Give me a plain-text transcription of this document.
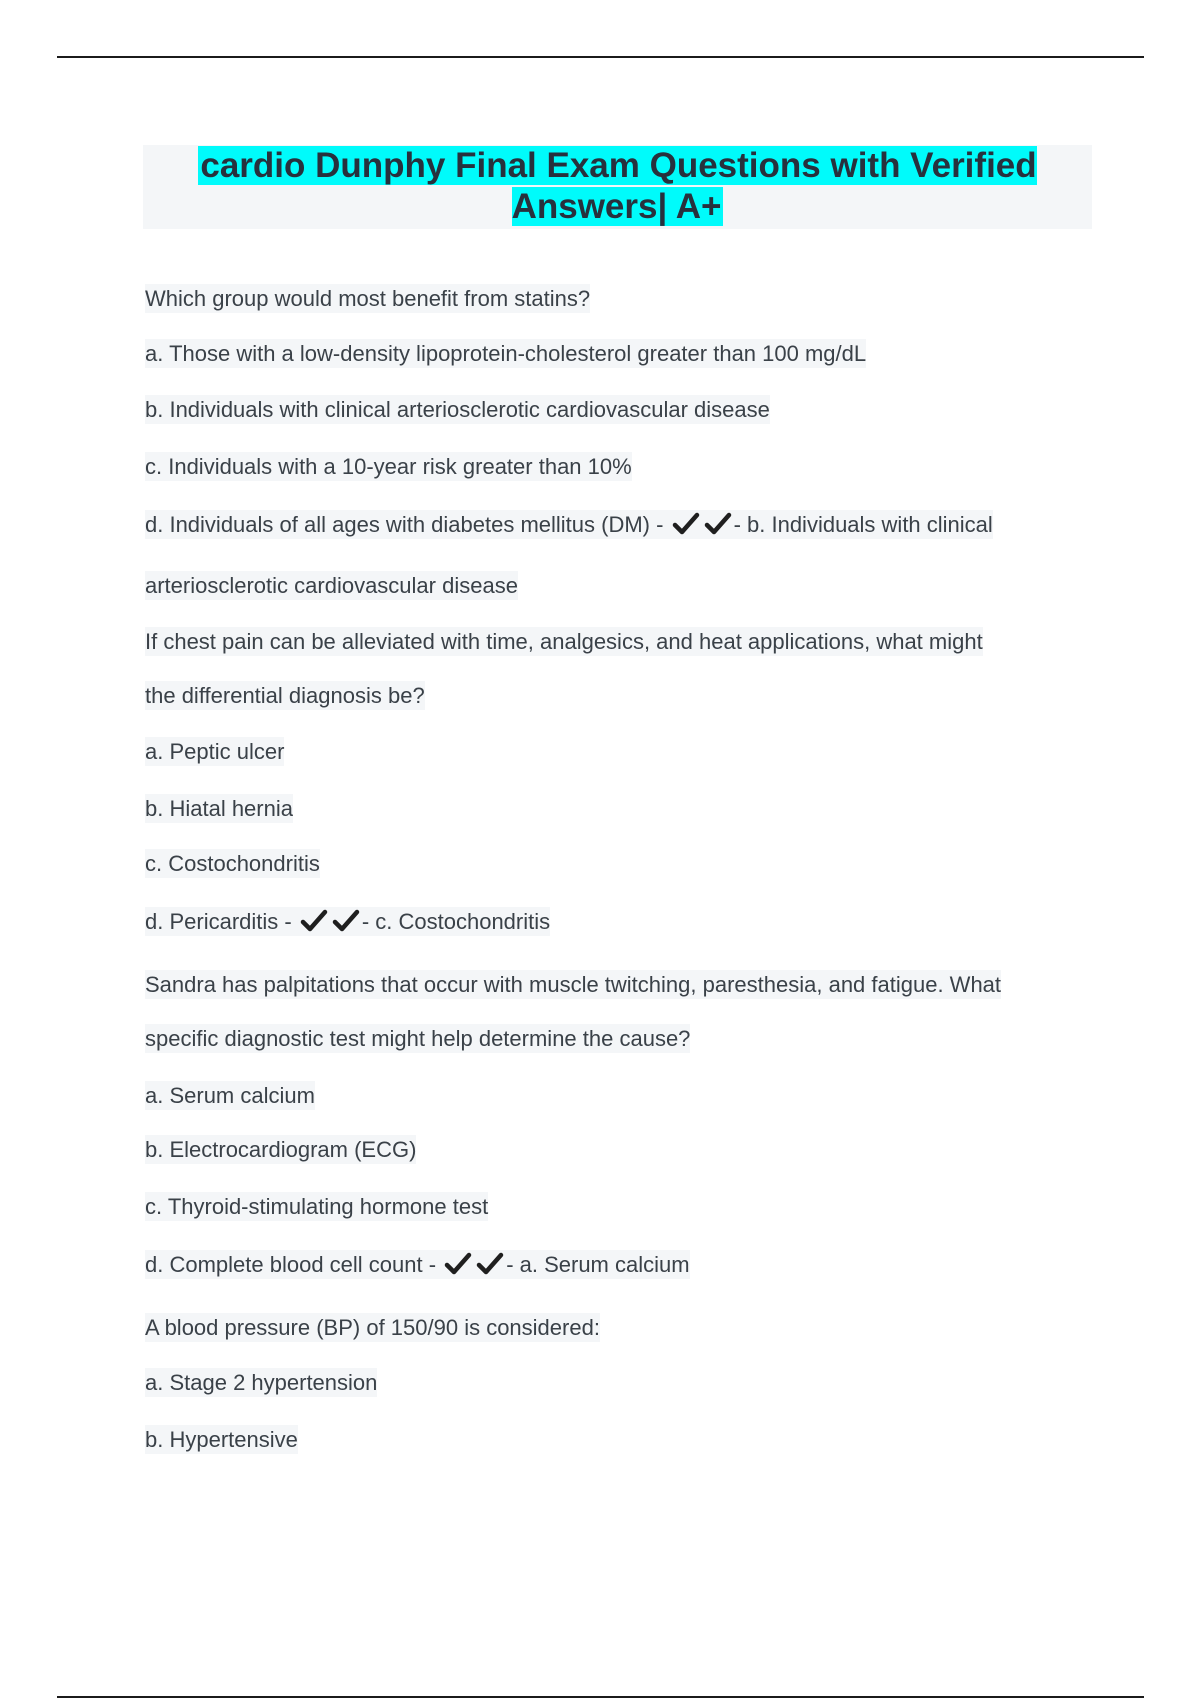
cardio Dunphy Final Exam Questions with Verified Answers| A+
Which group would most benefit from statins?
a. Those with a low-density lipoprotein-cholesterol greater than 100 mg/dL
b. Individuals with clinical arteriosclerotic cardiovascular disease
c. Individuals with a 10-year risk greater than 10%
d. Individuals of all ages with diabetes mellitus (DM) -	- b. Individuals with clinical
arteriosclerotic cardiovascular disease
If chest pain can be alleviated with time, analgesics, and heat applications, what might
the differential diagnosis be?
a. Peptic ulcer
b. Hiatal hernia
c. Costochondritis
d. Pericarditis -	- c. Costochondritis
Sandra has palpitations that occur with muscle twitching, paresthesia, and fatigue. What
specific diagnostic test might help determine the cause?
a. Serum calcium
b. Electrocardiogram (ECG)
c. Thyroid-stimulating hormone test
d. Complete blood cell count -	- a. Serum calcium
A blood pressure (BP) of 150/90 is considered:
a. Stage 2 hypertension
b. Hypertensive
